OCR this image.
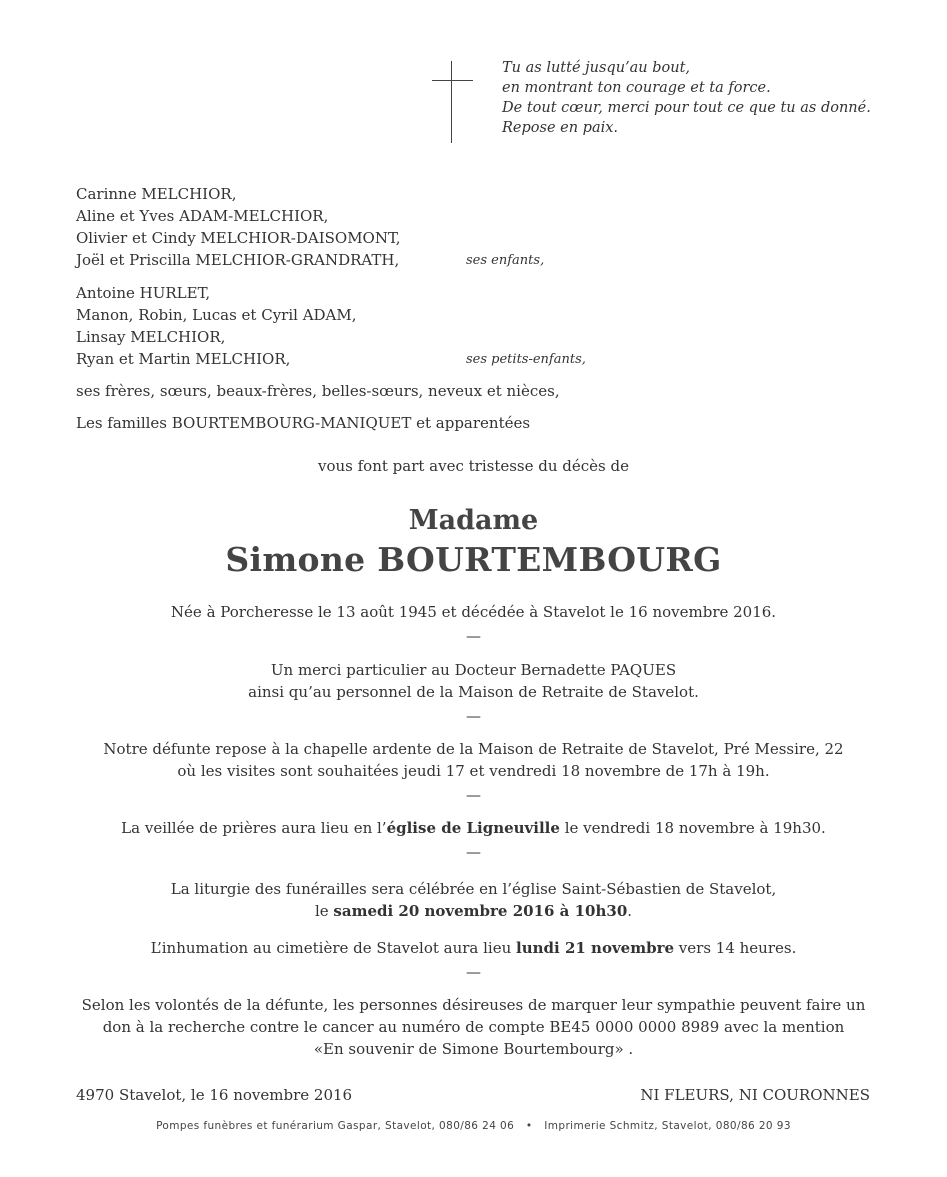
Tu as lutté jusqu’au bout,
en montrant ton courage et ta force.
De tout cœur, merci pour tout ce que tu as donné.
Repose en paix.
Carinne MELCHIOR,
Aline et Yves ADAM-MELCHIOR,
Olivier et Cindy MELCHIOR-DAISOMONT,
Joël et Priscilla MELCHIOR-GRANDRATH,	ses enfants,
Antoine HURLET,
Manon, Robin, Lucas et Cyril ADAM,
Linsay MELCHIOR,
Ryan et Martin MELCHIOR,	ses petits-enfants,
ses frères, sœurs, beaux-frères, belles-sœurs, neveux et nièces,
Les familles BOURTEMBOURG-MANIQUET et apparentées
vous font part avec tristesse du décès de
Madame
Simone BOURTEMBOURG
Née à Porcheresse le 13 août 1945 et décédée à Stavelot le 16 novembre 2016.
—
Un merci particulier au Docteur Bernadette PAQUES
ainsi qu’au personnel de la Maison de Retraite de Stavelot.
—
Notre défunte repose à la chapelle ardente de la Maison de Retraite de Stavelot, Pré Messire, 22
où les visites sont souhaitées jeudi 17 et vendredi 18 novembre de 17h à 19h.
—
La veillée de prières aura lieu en l’église de Ligneuville le vendredi 18 novembre à 19h30.
—
La liturgie des funérailles sera célébrée en l’église Saint-Sébastien de Stavelot,
le samedi 20 novembre 2016 à 10h30.
L’inhumation au cimetière de Stavelot aura lieu lundi 21 novembre vers 14 heures.
—
Selon les volontés de la défunte, les personnes désireuses de marquer leur sympathie peuvent faire un
don à la recherche contre le cancer au numéro de compte BE45 0000 0000 8989 avec la mention
«En souvenir de Simone Bourtembourg» .
4970 Stavelot, le 16 novembre 2016	NI FLEURS, NI COURONNES
Pompes funèbres et funérarium Gaspar, Stavelot, 080/86 24 06 • Imprimerie Schmitz, Stavelot, 080/86 20 93
